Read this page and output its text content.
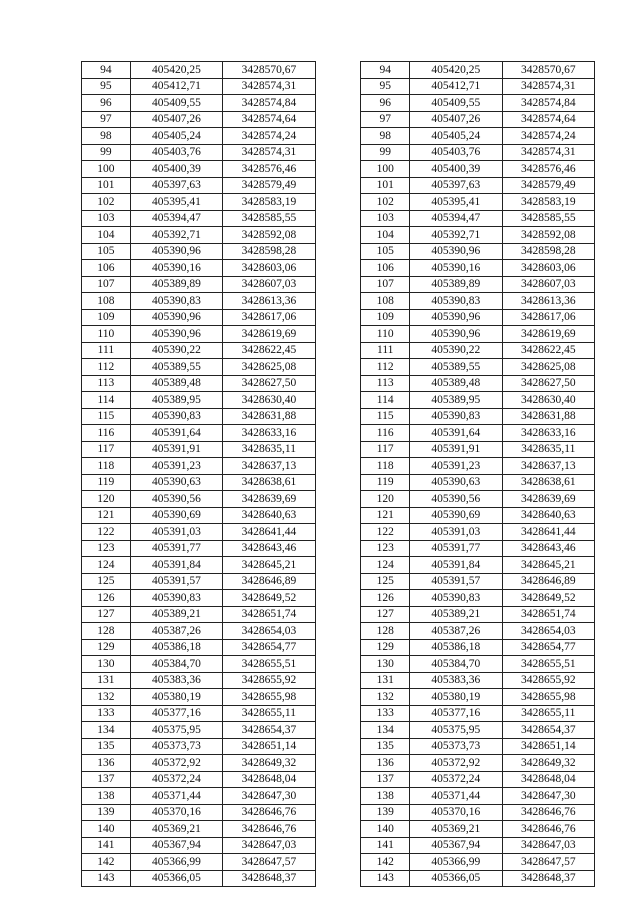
94	405420,25	3428570,67		94	405420,25	3428570,67
95	405412,71	3428574,31		95	405412,71	3428574,31
96	405409,55	3428574,84		96	405409,55	3428574,84
97	405407,26	3428574,64		97	405407,26	3428574,64
98	405405,24	3428574,24		98	405405,24	3428574,24
99	405403,76	3428574,31		99	405403,76	3428574,31
100	405400,39	3428576,46		100	405400,39	3428576,46
101	405397,63	3428579,49		101	405397,63	3428579,49
102	405395,41	3428583,19		102	405395,41	3428583,19
103	405394,47	3428585,55		103	405394,47	3428585,55
104	405392,71	3428592,08		104	405392,71	3428592,08
105	405390,96	3428598,28		105	405390,96	3428598,28
106	405390,16	3428603,06		106	405390,16	3428603,06
107	405389,89	3428607,03		107	405389,89	3428607,03
108	405390,83	3428613,36		108	405390,83	3428613,36
109	405390,96	3428617,06		109	405390,96	3428617,06
110	405390,96	3428619,69		110	405390,96	3428619,69
111	405390,22	3428622,45		111	405390,22	3428622,45
112	405389,55	3428625,08		112	405389,55	3428625,08
113	405389,48	3428627,50		113	405389,48	3428627,50
114	405389,95	3428630,40		114	405389,95	3428630,40
115	405390,83	3428631,88		115	405390,83	3428631,88
116	405391,64	3428633,16		116	405391,64	3428633,16
117	405391,91	3428635,11		117	405391,91	3428635,11
118	405391,23	3428637,13		118	405391,23	3428637,13
119	405390,63	3428638,61		119	405390,63	3428638,61
120	405390,56	3428639,69		120	405390,56	3428639,69
121	405390,69	3428640,63		121	405390,69	3428640,63
122	405391,03	3428641,44		122	405391,03	3428641,44
123	405391,77	3428643,46		123	405391,77	3428643,46
124	405391,84	3428645,21		124	405391,84	3428645,21
125	405391,57	3428646,89		125	405391,57	3428646,89
126	405390,83	3428649,52		126	405390,83	3428649,52
127	405389,21	3428651,74		127	405389,21	3428651,74
128	405387,26	3428654,03		128	405387,26	3428654,03
129	405386,18	3428654,77		129	405386,18	3428654,77
130	405384,70	3428655,51		130	405384,70	3428655,51
131	405383,36	3428655,92		131	405383,36	3428655,92
132	405380,19	3428655,98		132	405380,19	3428655,98
133	405377,16	3428655,11		133	405377,16	3428655,11
134	405375,95	3428654,37		134	405375,95	3428654,37
135	405373,73	3428651,14		135	405373,73	3428651,14
136	405372,92	3428649,32		136	405372,92	3428649,32
137	405372,24	3428648,04		137	405372,24	3428648,04
138	405371,44	3428647,30		138	405371,44	3428647,30
139	405370,16	3428646,76		139	405370,16	3428646,76
140	405369,21	3428646,76		140	405369,21	3428646,76
141	405367,94	3428647,03		141	405367,94	3428647,03
142	405366,99	3428647,57		142	405366,99	3428647,57
143	405366,05	3428648,37		143	405366,05	3428648,37
